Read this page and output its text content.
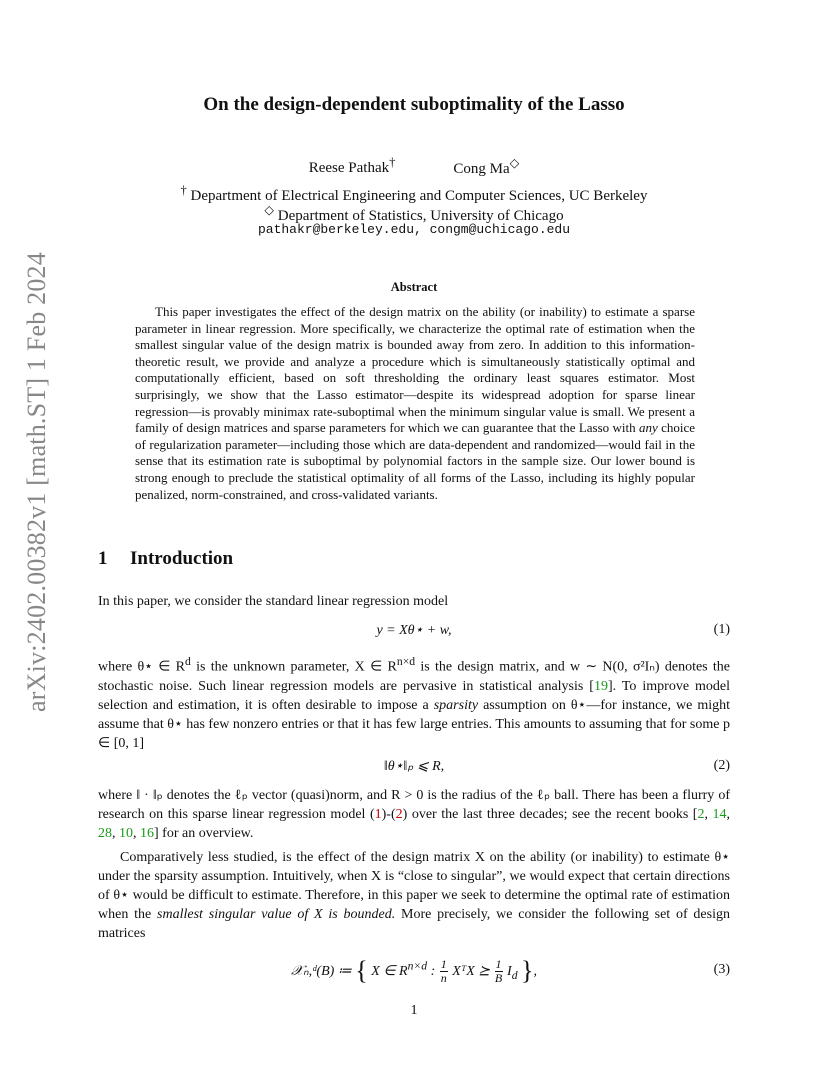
arXiv:2402.00382v1 [math.ST] 1 Feb 2024
On the design-dependent suboptimality of the Lasso
Reese Pathak†	Cong Ma◇
† Department of Electrical Engineering and Computer Sciences, UC Berkeley
◇ Department of Statistics, University of Chicago
pathakr@berkeley.edu, congm@uchicago.edu
Abstract

This paper investigates the effect of the design matrix on the ability (or inability) to estimate a sparse parameter in linear regression. More specifically, we characterize the optimal rate of estimation when the smallest singular value of the design matrix is bounded away from zero. In addition to this information-theoretic result, we provide and analyze a procedure which is simultaneously statistically optimal and computationally efficient, based on soft thresholding the ordinary least squares estimator. Most surprisingly, we show that the Lasso estimator—despite its widespread adoption for sparse linear regression—is provably minimax rate-suboptimal when the minimum singular value is small. We present a family of design matrices and sparse parameters for which we can guarantee that the Lasso with any choice of regularization parameter—including those which are data-dependent and randomized—would fail in the sense that its estimation rate is suboptimal by polynomial factors in the sample size. Our lower bound is strong enough to preclude the statistical optimality of all forms of the Lasso, including its highly popular penalized, norm-constrained, and cross-validated variants.

1 Introduction

In this paper, we consider the standard linear regression model

y = Xθ⋆ + w,	(1)

where θ⋆ ∈ $R^d$ is the unknown parameter, X ∈ $R^{n\times d}$ is the design matrix, and w ∼ N(0, σ²Iₙ) denotes the stochastic noise. Such linear regression models are pervasive in statistical analysis [19]. To improve model selection and estimation, it is often desirable to impose a sparsity assumption on θ⋆—for instance, we might assume that θ⋆ has few nonzero entries or that it has few large entries. This amounts to assuming that for some p ∈ [0, 1]

‖θ⋆‖ₚ ⩽ R,	(2)

where ‖ · ‖ₚ denotes the ℓₚ vector (quasi)norm, and R > 0 is the radius of the ℓₚ ball. There has been a flurry of research on this sparse linear regression model (1)-(2) over the last three decades; see the recent books [2, 14, 28, 10, 16] for an overview.

Comparatively less studied, is the effect of the design matrix X on the ability (or inability) to estimate θ⋆ under the sparsity assumption. Intuitively, when X is “close to singular”, we would expect that certain directions of θ⋆ would be difficult to estimate. Therefore, in this paper we seek to determine the optimal rate of estimation when the smallest singular value of X is bounded. More precisely, we consider the following set of design matrices

𝒳ₙ,ᵈ(B) ≔ { X ∈ $R^{n\times d}$ : $\frac{1}{n}$ XᵀX ⪰ $\frac{1}{B} I_d$ },	(3)
1
